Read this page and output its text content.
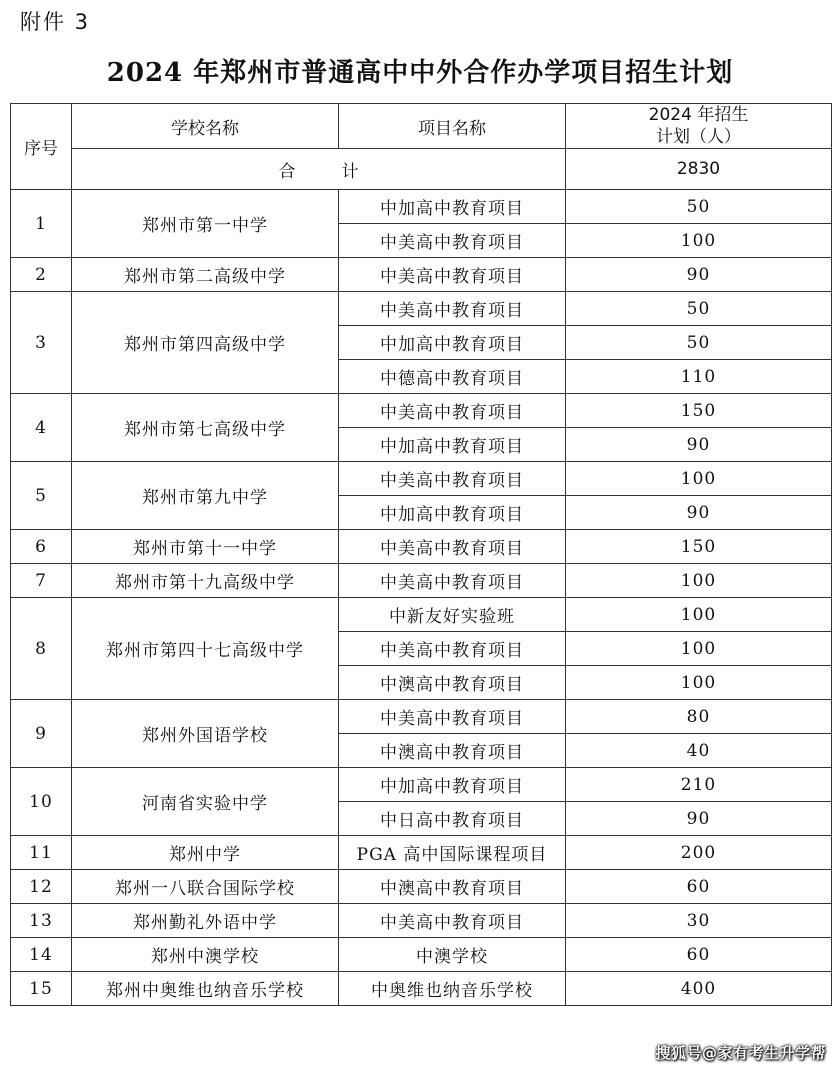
附件 3
2024 年郑州市普通高中中外合作办学项目招生计划
序号	学校名称	项目名称	2024 年招生
计划（人）

	合 计		2830
1	郑州市第一中学	中加高中教育项目	50
		中美高中教育项目	100
2	郑州市第二高级中学	中美高中教育项目	90
3	郑州市第四高级中学	中美高中教育项目	50
		中加高中教育项目	50
		中德高中教育项目	110
4	郑州市第七高级中学	中美高中教育项目	150
		中加高中教育项目	90
5	郑州市第九中学	中美高中教育项目	100
		中加高中教育项目	90
6	郑州市第十一中学	中美高中教育项目	150
7	郑州市第十九高级中学	中美高中教育项目	100
8	郑州市第四十七高级中学	中新友好实验班	100
		中美高中教育项目	100
		中澳高中教育项目	100
9	郑州外国语学校	中美高中教育项目	80
		中澳高中教育项目	40
10	河南省实验中学	中加高中教育项目	210
		中日高中教育项目	90
11	郑州中学	PGA 高中国际课程项目	200
12	郑州一八联合国际学校	中澳高中教育项目	60
13	郑州勤礼外语中学	中美高中教育项目	30
14	郑州中澳学校	中澳学校	60
15	郑州中奥维也纳音乐学校	中奥维也纳音乐学校	400
搜狐号@家有考生升学帮
